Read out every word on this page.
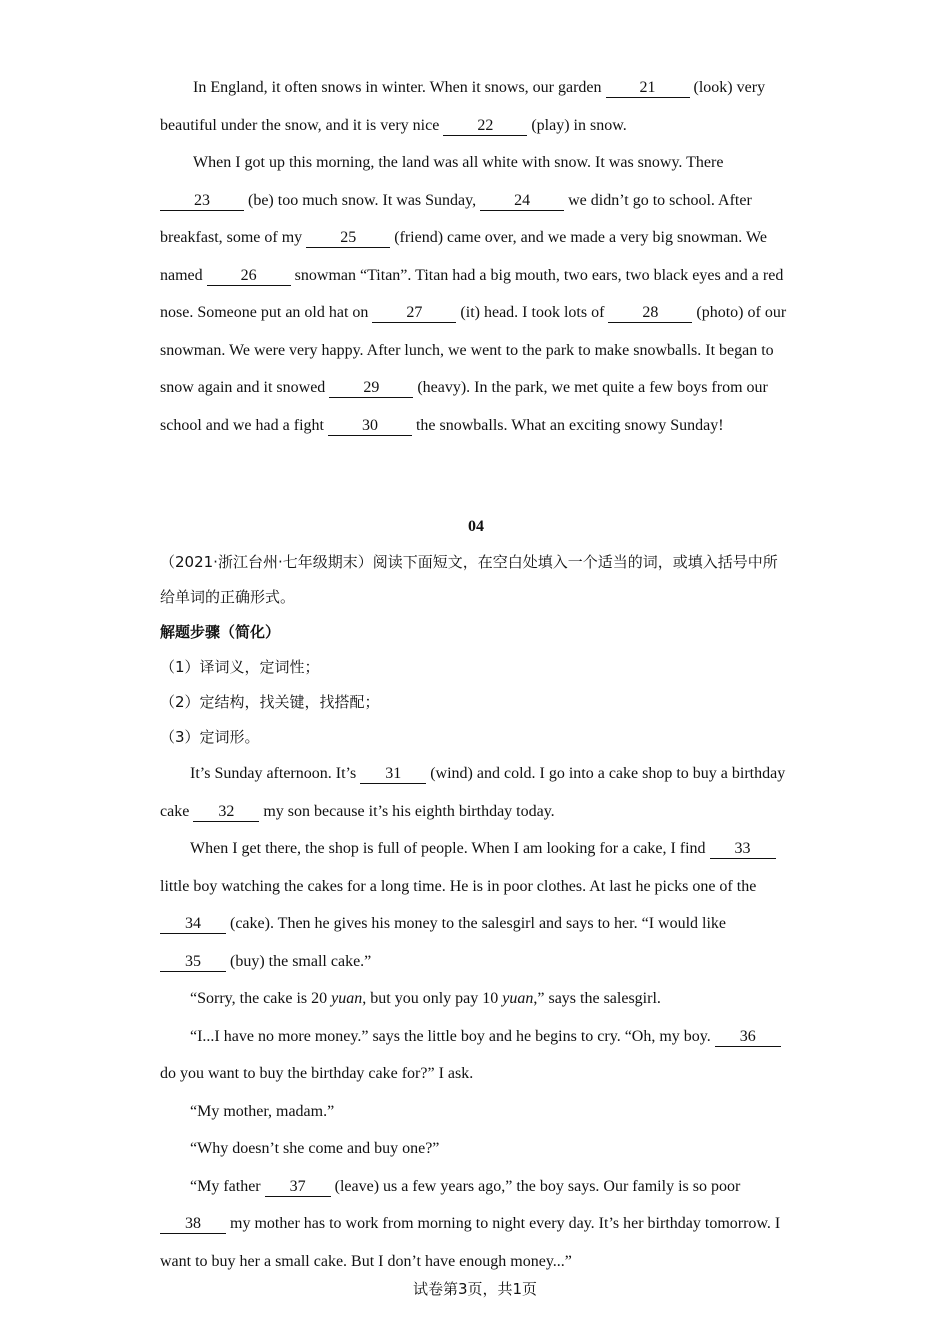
In England, it often snows in winter. When it snows, our garden 21 (look) very beautiful under the snow, and it is very nice 22 (play) in snow.

When I got up this morning, the land was all white with snow. It was snowy. There 23 (be) too much snow. It was Sunday, 24 we didn’t go to school. After breakfast, some of my 25 (friend) came over, and we made a very big snowman. We named 26 snowman “Titan”. Titan had a big mouth, two ears, two black eyes and a red nose. Someone put an old hat on 27 (it) head. I took lots of 28 (photo) of our snowman. We were very happy. After lunch, we went to the park to make snowballs. It began to snow again and it snowed 29 (heavy). In the park, we met quite a few boys from our school and we had a fight 30 the snowballs. What an exciting snowy Sunday!

04

（2021·浙江台州·七年级期末）阅读下面短文，在空白处填入一个适当的词，或填入括号中所给单词的正确形式。

解题步骤（简化）

（1）译词义，定词性；

（2）定结构，找关键，找搭配；

（3）定词形。

It’s Sunday afternoon. It’s 31 (wind) and cold. I go into a cake shop to buy a birthday cake 32 my son because it’s his eighth birthday today.

When I get there, the shop is full of people. When I am looking for a cake, I find 33 little boy watching the cakes for a long time. He is in poor clothes. At last he picks one of the 34 (cake). Then he gives his money to the salesgirl and says to her. “I would like 35 (buy) the small cake.”

“Sorry, the cake is 20 yuan, but you only pay 10 yuan,” says the salesgirl.

“I...I have no more money.” says the little boy and he begins to cry. “Oh, my boy. 36 do you want to buy the birthday cake for?” I ask.

“My mother, madam.”

“Why doesn’t she come and buy one?”

“My father 37 (leave) us a few years ago,” the boy says. Our family is so poor 38 my mother has to work from morning to night every day. It’s her birthday tomorrow. I want to buy her a small cake. But I don’t have enough money...”

试卷第3页，共1页
